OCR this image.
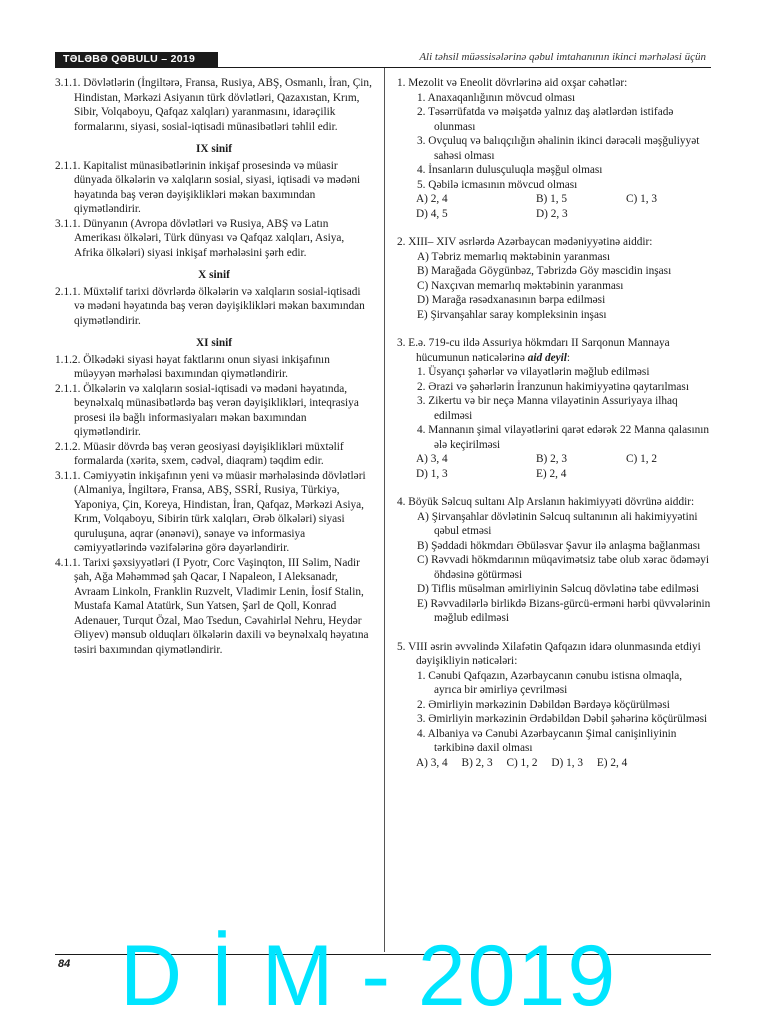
TƏLƏBƏ QƏBULU – 2019	Ali təhsil müəssisələrinə qəbul imtahanının ikinci mərhələsi üçün
3.1.1. Dövlətlərin (İngiltərə, Fransa, Rusiya, ABŞ, Osmanlı, İran, Çin, Hindistan, Mərkəzi Asiyanın türk dövlətləri, Qazaxıstan, Krım, Sibir, Volqaboyu, Qafqaz xalqları) yaranmasını, idarəçilik formalarını, siyasi, sosial-iqtisadi münasibətləri təhlil edir.
IX sinif
2.1.1. Kapitalist münasibətlərinin inkişaf prosesində və müasir dünyada ölkələrin və xalqların sosial, siyasi, iqtisadi və mədəni həyatında baş verən dəyişiklikləri məkan baxımından qiymətləndirir.
3.1.1. Dünyanın (Avropa dövlətləri və Rusiya, ABŞ və Latın Amerikası ölkələri, Türk dünyası və Qafqaz xalqları, Asiya, Afrika ölkələri) siyasi inkişaf mərhələsini şərh edir.
X sinif
2.1.1. Müxtəlif tarixi dövrlərdə ölkələrin və xalqların sosial-iqtisadi və mədəni həyatında baş verən dəyişiklikləri məkan baxımından qiymətləndirir.
XI sinif
1.1.2. Ölkədəki siyasi həyat faktlarını onun siyasi inkişafının müəyyən mərhələsi baxımından qiymətləndirir.
2.1.1. Ölkələrin və xalqların sosial-iqtisadi və mədəni həyatında, beynəlxalq münasibətlərdə baş verən dəyişiklikləri, inteqrasiya prosesi ilə bağlı informasiyaları məkan baxımından qiymətləndirir.
2.1.2. Müasir dövrdə baş verən geosiyasi dəyişiklikləri müxtəlif formalarda (xəritə, sxem, cədvəl, diaqram) təqdim edir.
3.1.1. Cəmiyyətin inkişafının yeni və müasir mərhələsində dövlətləri (Almaniya, İngiltərə, Fransa, ABŞ, SSRİ, Rusiya, Türkiyə, Yaponiya, Çin, Koreya, Hindistan, İran, Qafqaz, Mərkəzi Asiya, Krım, Volqaboyu, Sibirin türk xalqları, Ərəb ölkələri) siyasi quruluşuna, aqrar (ənənəvi), sənaye və informasiya cəmiyyətlərində vəzifələrinə görə dəyərləndirir.
4.1.1. Tarixi şəxsiyyətləri (I Pyotr, Corc Vaşinqton, III Səlim, Nadir şah, Ağa Məhəmməd şah Qacar, I Napaleon, I Aleksanadr, Avraam Linkoln, Franklin Ruzvelt, Vladimir Lenin, İosif Stalin, Mustafa Kamal Atatürk, Sun Yatsen, Şarl de Qoll, Konrad Adenauer, Turqut Özal, Mao Tsedun, Cəvahirləl Nehru, Heydər Əliyev) mənsub olduqları ölkələrin daxili və beynəlxalq həyatına təsiri baxımından qiymətləndirir.
1. Mezolit və Eneolit dövrlərinə aid oxşar cəhətlər:
1. Anaxaqanlığının mövcud olması
2. Təsərrüfatda və məişətdə yalnız daş alətlərdən istifadə olunması
3. Ovçuluq və balıqçılığın əhalinin ikinci dərəcəli məşğuliyyət sahəsi olması
4. İnsanların dulusçuluqla məşğul olması
5. Qəbilə icmasının mövcud olması
A) 2, 4	B) 1, 5	C) 1, 3
D) 4, 5	D) 2, 3
2. XIII– XIV əsrlərdə Azərbaycan mədəniyyətinə aiddir:
A) Təbriz memarlıq məktəbinin yaranması
B) Marağada Göygünbəz, Təbrizdə Göy məscidin inşası
C) Naxçıvan memarlıq məktəbinin yaranması
D) Marağa rəsədxanasının bərpa edilməsi
E) Şirvanşahlar saray kompleksinin inşası
3. E.ə. 719-cu ildə Assuriya hökmdarı II Sarqonun Mannaya hücumunun nəticələrinə aid deyil:
1. Üsyançı şəhərlər və vilayətlərin məğlub edilməsi
2. Ərazi və şəhərlərin İranzunun hakimiyyətinə qaytarılması
3. Zikertu və bir neçə Manna vilayətinin Assuriyaya ilhaq edilməsi
4. Mannanın şimal vilayətlərini qarət edərək 22 Manna qalasının ələ keçirilməsi
A) 3, 4	B) 2, 3	C) 1, 2
D) 1, 3	E) 2, 4
4. Böyük Səlcuq sultanı Alp Arslanın hakimiyyəti dövrünə aiddir:
A) Şirvanşahlar dövlətinin Səlcuq sultanının ali hakimiyyətini qəbul etməsi
B) Şəddadi hökmdarı Əbüləsvar Şavur ilə anlaşma bağlanması
C) Rəvvadi hökmdarının müqavimətsiz tabe olub xərac ödəməyi öhdəsinə götürməsi
D) Tiflis müsəlman əmirliyinin Səlcuq dövlətinə tabe edilməsi
E) Rəvvadilərlə birlikdə Bizans-gürcü-erməni hərbi qüvvələrinin məğlub edilməsi
5. VIII əsrin əvvəlində Xilafətin Qafqazın idarə olunmasında etdiyi dəyişikliyin nəticələri:
1. Cənubi Qafqazın, Azərbaycanın cənubu istisna olmaqla, ayrıca bir əmirliyə çevrilməsi
2. Əmirliyin mərkəzinin Dəbildən Bərdəyə köçürülməsi
3. Əmirliyin mərkəzinin Ərdəbildən Dəbil şəhərinə köçürülməsi
4. Albaniya və Cənubi Azərbaycanın Şimal canişinliyinin tərkibinə daxil olması
A) 3, 4 B) 2, 3 C) 1, 2 D) 1, 3 E) 2, 4
84 D İ M - 2019
